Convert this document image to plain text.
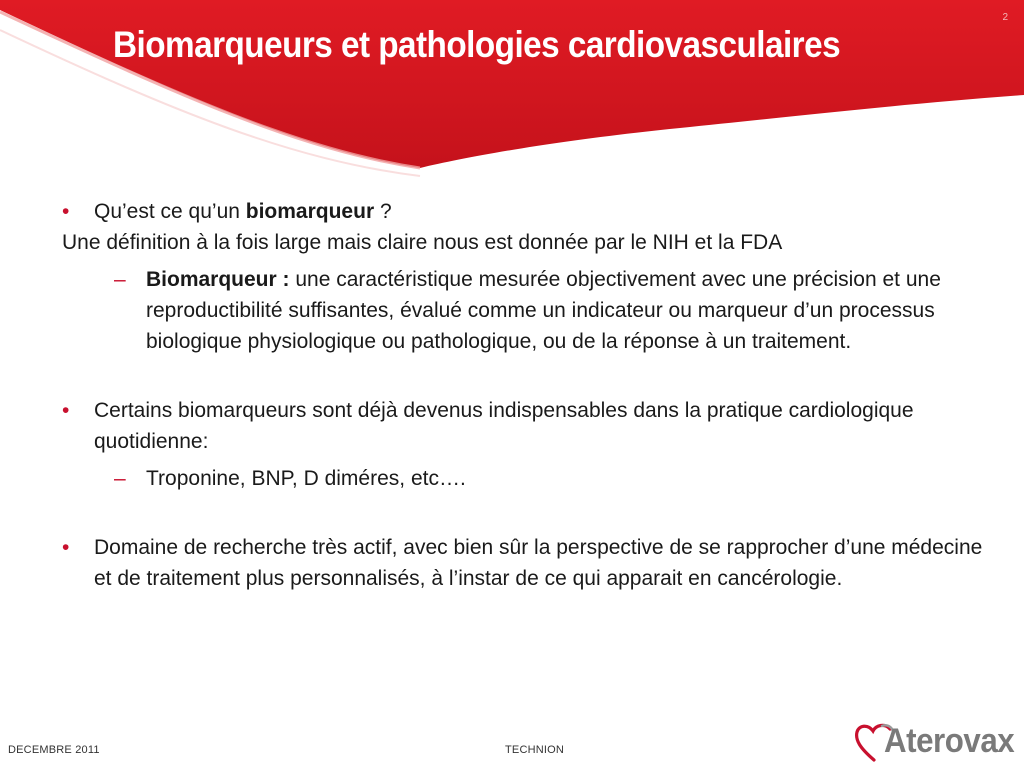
Biomarqueurs et pathologies cardiovasculaires
2

• Qu’est ce qu’un biomarqueur ?

Une définition à la fois large mais claire nous est donnée par le NIH et la FDA

– Biomarqueur : une caractéristique mesurée objectivement avec une précision et une reproductibilité suffisantes, évalué comme un indicateur ou marqueur d’un processus biologique physiologique ou pathologique, ou de la réponse à un traitement.

• Certains biomarqueurs sont déjà devenus indispensables dans la pratique cardiologique quotidienne:

– Troponine, BNP, D diméres, etc….

• Domaine de recherche très actif, avec bien sûr la perspective de se rapprocher d’une médecine et de traitement plus personnalisés, à l’instar de ce qui apparait en cancérologie.

DECEMBRE 2011	TECHNION	Aterovax
